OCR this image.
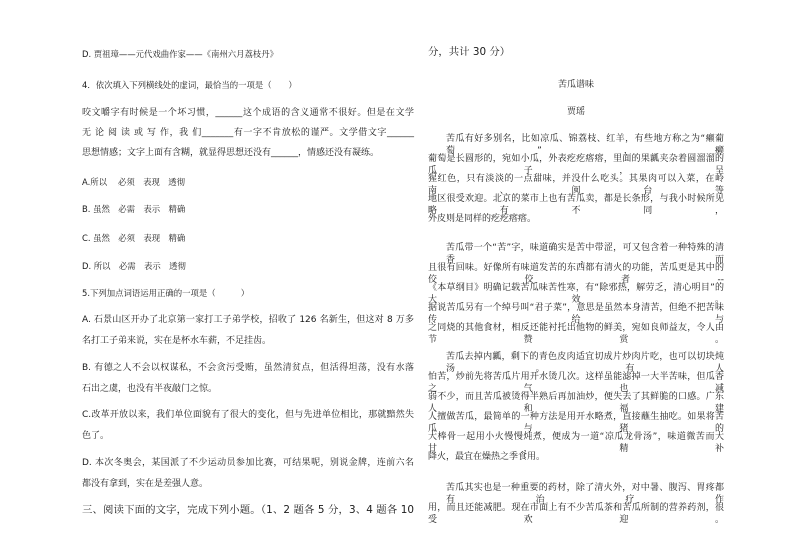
D. 贾祖璋——元代戏曲作家——《南州六月荔枝丹》
4．依次填入下列横线处的虚词，最恰当的一项是（　　）
咬文嚼字有时候是一个坏习惯，______这个成语的含义通常不很好。但是在文学
无 论 阅 读 或 写 作，我 们_______有一字不肯放松的谨严。文学借文字______
思想情感；文字上面有含糊，就显得思想还没有______，情感还没有凝练。
A.所以　 必须　表现　透彻
B. 虽然　必需　表示　精确
C. 虽然　必须　表现　精确
D. 所以　必需　表示　透彻
5.下列加点词语运用正确的一项是（　　　）
A. 石景山区开办了北京第一家打工子弟学校，招收了 126 名新生，但这对 8 万多
名打工子弟来说，实在是杯水车薪，不足挂齿。
B. 有德之人不会以权谋私，不会贪污受贿，虽然清贫点，但活得坦荡，没有水落
石出之虞，也没有半夜敲门之惊。
C.改革开放以来，我们单位面貌有了很大的变化，但与先进单位相比，那就黯然失
色了。
D. 本次冬奥会，某国派了不少运动员参加比赛，可结果呢，别说金牌，连前六名
都没有拿到，实在是差强人意。
三、阅读下面的文字，完成下列小题。（1、2 题各 5 分，3、4 题各 10
分，共计 30 分）
苦瓜谱味
贾瑶
苦瓜有好多别名，比如凉瓜、锦荔枝、红羊，有些地方称之为“癞葡萄”，癞
葡萄是长圆形的，宛如小瓜，外表疙疙瘩瘩，里面的果瓤夹杂着圆溜溜的瓜子，呈
猩红色，只有淡淡的一点甜味，并没什么吃头。其果肉可以入菜，在岭南、闽台等
地区很受欢迎。北京的菜市上也有苦瓜卖，都是长条形，与我小时候所见略有不同，
外皮则是同样的疙疙瘩瘩。
苦瓜带一个“苦”字，味道确实是苦中带涩，可又包含着一种特殊的清香，而
且很有回味。好像所有味道发苦的东西都有清火的功能，苦瓜更是其中的佼佼者--
《本草纲目》明确记载苦瓜味苦性寒，有“除邪热，解劳乏，清心明目”的大效。
据说苦瓜另有一个绰号叫“君子菜”，意思是虽然本身清苦，但绝不把苦味传给与
之同烧的其他食材，相反还能衬托出他物的鲜美，宛如良师益友，令人由节赞赏。
苦瓜去掉内瓤，剩下的青色皮肉适宜切成片炒肉片吃，也可以切块炖汤。有人
怕苦，炒前先将苦瓜片用开水烫几次。这样虽能滤掉一大半苦味，但瓜香之气也减
弱不少，而且苦瓜被烫得半熟后再加油炒，便失去了其鲜脆的口感。广东人和福建
人擅做苦瓜，最简单的一种方法是用开水略煮，直接蘸生抽吃。如果将苦瓜与猪的
大棒骨一起用小火慢慢炖煮，便成为一道“凉瓜龙骨汤”，味道微苦而大甘，精补
降火，最宜在燥热之季食用。
苦瓜其实也是一种重要的药材，除了清火外，对中暑、腹泻、胃疼都有治疗作
用，而且还能减肥。现在市面上有不少苦瓜茶和苦瓜所制的营养药剂，很受欢迎。
